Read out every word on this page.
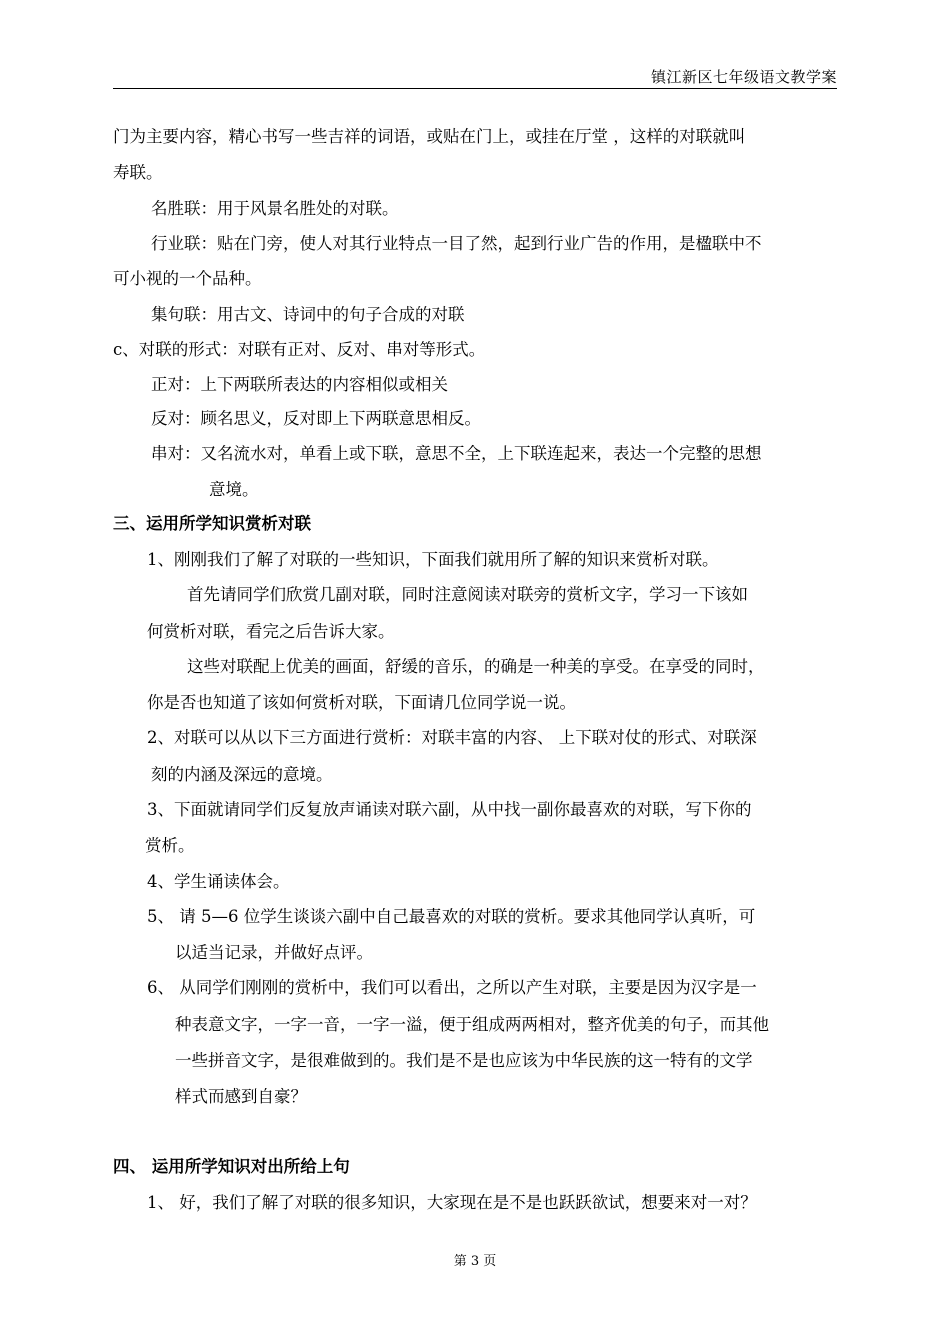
镇江新区七年级语文教学案
门为主要内容，精心书写一些吉祥的词语，或贴在门上，或挂在厅堂 ，这样的对联就叫
寿联。
名胜联：用于风景名胜处的对联。
行业联：贴在门旁，使人对其行业特点一目了然，起到行业广告的作用，是楹联中不
可小视的一个品种。
集句联：用古文、诗词中的句子合成的对联
c、对联的形式：对联有正对、反对、串对等形式。
正对：上下两联所表达的内容相似或相关
反对：顾名思义，反对即上下两联意思相反。
串对：又名流水对，单看上或下联，意思不全，上下联连起来，表达一个完整的思想
意境。
三、运用所学知识赏析对联
1、刚刚我们了解了对联的一些知识，下面我们就用所了解的知识来赏析对联。
首先请同学们欣赏几副对联，同时注意阅读对联旁的赏析文字，学习一下该如
何赏析对联，看完之后告诉大家。
这些对联配上优美的画面，舒缓的音乐，的确是一种美的享受。在享受的同时，
你是否也知道了该如何赏析对联，下面请几位同学说一说。
2、对联可以从以下三方面进行赏析：对联丰富的内容、 上下联对仗的形式、对联深
刻的内涵及深远的意境。
3、下面就请同学们反复放声诵读对联六副，从中找一副你最喜欢的对联，写下你的
赏析。
4、学生诵读体会。
5、 请 5—6 位学生谈谈六副中自己最喜欢的对联的赏析。要求其他同学认真听，可
以适当记录，并做好点评。
6、 从同学们刚刚的赏析中，我们可以看出，之所以产生对联，主要是因为汉字是一
种表意文字，一字一音，一字一溢，便于组成两两相对，整齐优美的句子，而其他
一些拼音文字，是很难做到的。我们是不是也应该为中华民族的这一特有的文学
样式而感到自豪？
四、 运用所学知识对出所给上句
1、 好，我们了解了对联的很多知识，大家现在是不是也跃跃欲试，想要来对一对？
第 3 页
